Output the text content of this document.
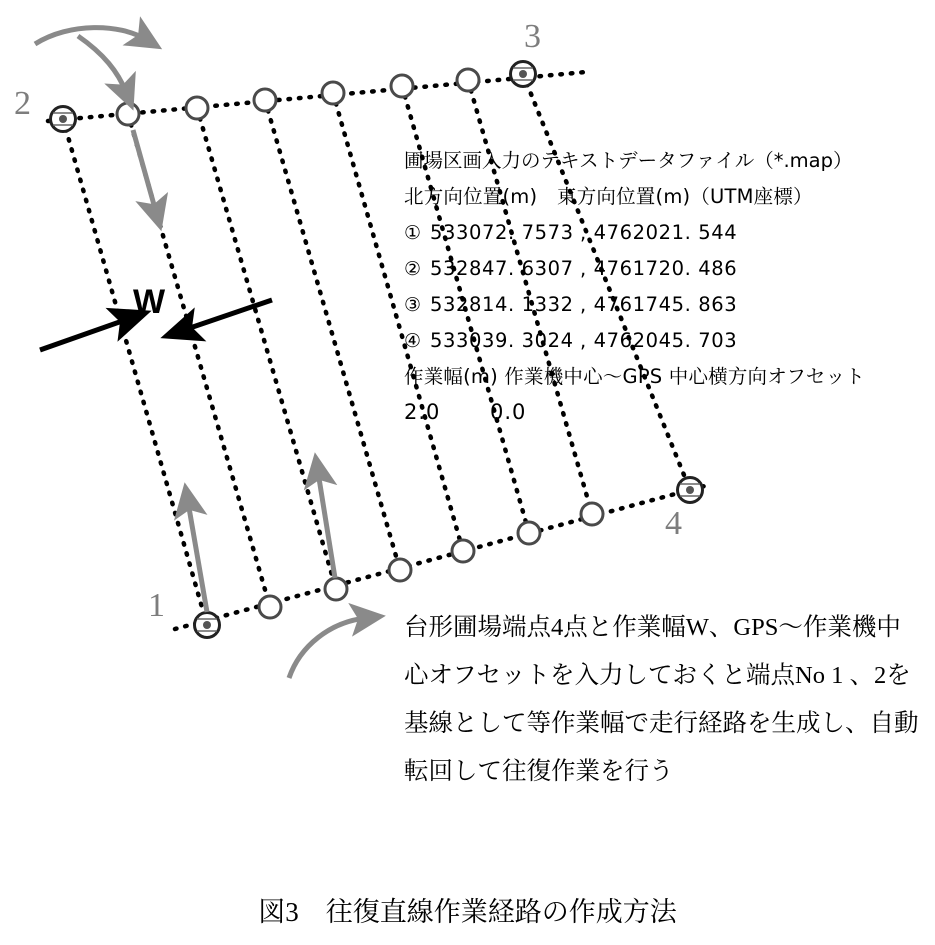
2
3
1
4
W
圃場区画入力のテキストデータファイル（*.map）
北方向位置(m)　東方向位置(m)（UTM座標）
① 533072. 7573 , 4762021. 544
② 532847. 6307 , 4761720. 486
③ 532814. 1332 , 4761745. 863
④ 533039. 3024 , 4762045. 703
作業幅(m) 作業機中心〜GPS 中心横方向オフセット
2.0	0.0
台形圃場端点4点と作業幅W、GPS〜作業機中心オフセットを入力しておくと端点No 1 、2を基線として等作業幅で走行経路を生成し、自動転回して往復作業を行う
図3　往復直線作業経路の作成方法
